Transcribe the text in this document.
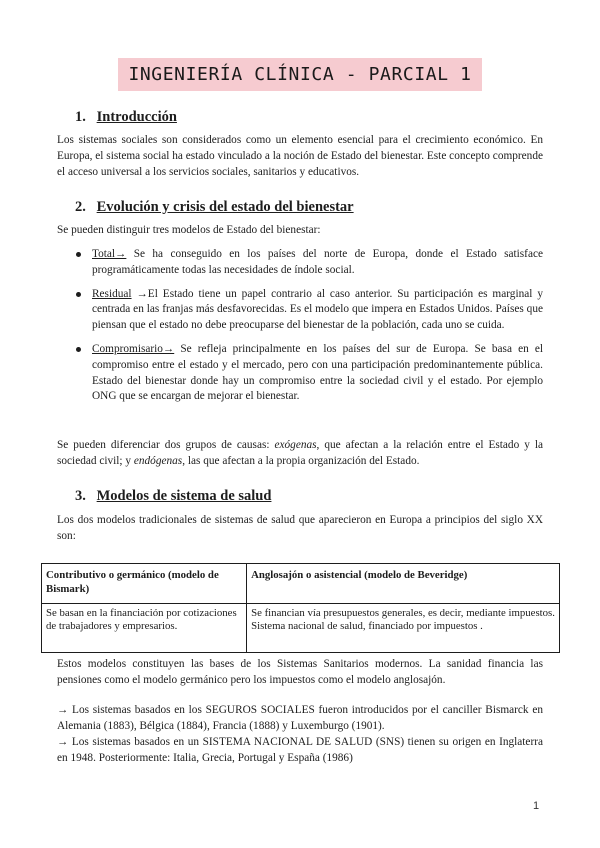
INGENIERÍA CLÍNICA - PARCIAL 1
1. Introducción

Los sistemas sociales son considerados como un elemento esencial para el crecimiento económico. En Europa, el sistema social ha estado vinculado a la noción de Estado del bienestar. Este concepto comprende el acceso universal a los servicios sociales, sanitarios y educativos.

2. Evolución y crisis del estado del bienestar

Se pueden distinguir tres modelos de Estado del bienestar:

Total→ Se ha conseguido en los países del norte de Europa, donde el Estado satisface programáticamente todas las necesidades de índole social.
Residual →El Estado tiene un papel contrario al caso anterior. Su participación es marginal y centrada en las franjas más desfavorecidas. Es el modelo que impera en Estados Unidos. Países que piensan que el estado no debe preocuparse del bienestar de la población, cada uno se cuida.
Compromisario→ Se refleja principalmente en los países del sur de Europa. Se basa en el compromiso entre el estado y el mercado, pero con una participación predominantemente pública. Estado del bienestar donde hay un compromiso entre la sociedad civil y el estado. Por ejemplo ONG que se encargan de mejorar el bienestar.

Se pueden diferenciar dos grupos de causas: exógenas, que afectan a la relación entre el Estado y la sociedad civil; y endógenas, las que afectan a la propia organización del Estado.

3. Modelos de sistema de salud

Los dos modelos tradicionales de sistemas de salud que aparecieron en Europa a principios del siglo XX son:

Contributivo o germánico (modelo de Bismark)	Anglosajón o asistencial (modelo de Beveridge)
Se basan en la financiación por cotizaciones de trabajadores y empresarios.	Se financian vía presupuestos generales, es decir, mediante impuestos. Sistema nacional de salud, financiado por impuestos .

Estos modelos constituyen las bases de los Sistemas Sanitarios modernos. La sanidad financia las pensiones como el modelo germánico pero los impuestos como el modelo anglosajón.

→ Los sistemas basados en los SEGUROS SOCIALES fueron introducidos por el canciller Bismarck en Alemania (1883), Bélgica (1884), Francia (1888) y Luxemburgo (1901).

→ Los sistemas basados en un SISTEMA NACIONAL DE SALUD (SNS) tienen su origen en Inglaterra en 1948. Posteriormente: Italia, Grecia, Portugal y España (1986)

1
